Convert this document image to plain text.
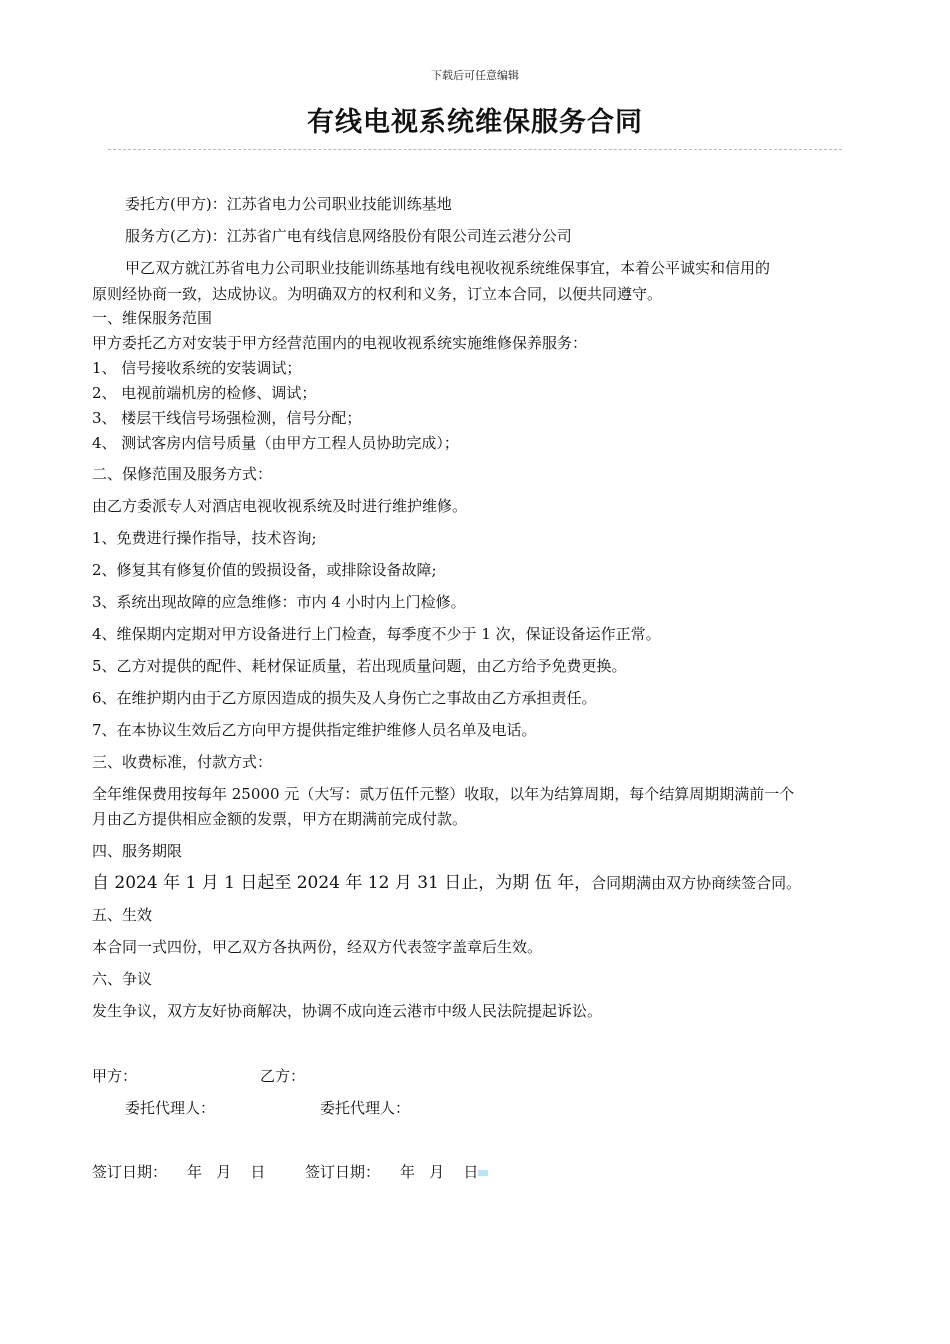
下载后可任意编辑
有线电视系统维保服务合同
委托方(甲方)：江苏省电力公司职业技能训练基地
服务方(乙方)：江苏省广电有线信息网络股份有限公司连云港分公司
甲乙双方就江苏省电力公司职业技能训练基地有线电视收视系统维保事宜，本着公平诚实和信用的
原则经协商一致，达成协议。为明确双方的权利和义务，订立本合同，以便共同遵守。
一、维保服务范围
甲方委托乙方对安装于甲方经营范围内的电视收视系统实施维修保养服务：
1、 信号接收系统的安装调试；
2、 电视前端机房的检修、调试；
3、 楼层干线信号场强检测，信号分配；
4、 测试客房内信号质量（由甲方工程人员协助完成）；
二、保修范围及服务方式：
由乙方委派专人对酒店电视收视系统及时进行维护维修。
1、免费进行操作指导，技术咨询;
2、修复其有修复价值的毁损设备，或排除设备故障;
3、系统出现故障的应急维修：市内 4 小时内上门检修。
4、维保期内定期对甲方设备进行上门检查，每季度不少于 1 次，保证设备运作正常。
5、乙方对提供的配件、耗材保证质量，若出现质量问题，由乙方给予免费更换。
6、在维护期内由于乙方原因造成的损失及人身伤亡之事故由乙方承担责任。
7、在本协议生效后乙方向甲方提供指定维护维修人员名单及电话。
三、收费标准，付款方式：
全年维保费用按每年 25000 元（大写：贰万伍仟元整）收取，以年为结算周期，每个结算周期期满前一个
月由乙方提供相应金额的发票，甲方在期满前完成付款。
四、服务期限
自 2024 年 1 月 1 日起至 2024 年 12 月 31 日止，为期 伍 年，合同期满由双方协商续签合同。
五、生效
本合同一式四份，甲乙双方各执两份，经双方代表签字盖章后生效。
六、争议
发生争议，双方友好协商解决，协调不成向连云港市中级人民法院提起诉讼。
甲方：	乙方：
委托代理人：	委托代理人：
签订日期： 年   月    日	签订日期： 年   月    日
